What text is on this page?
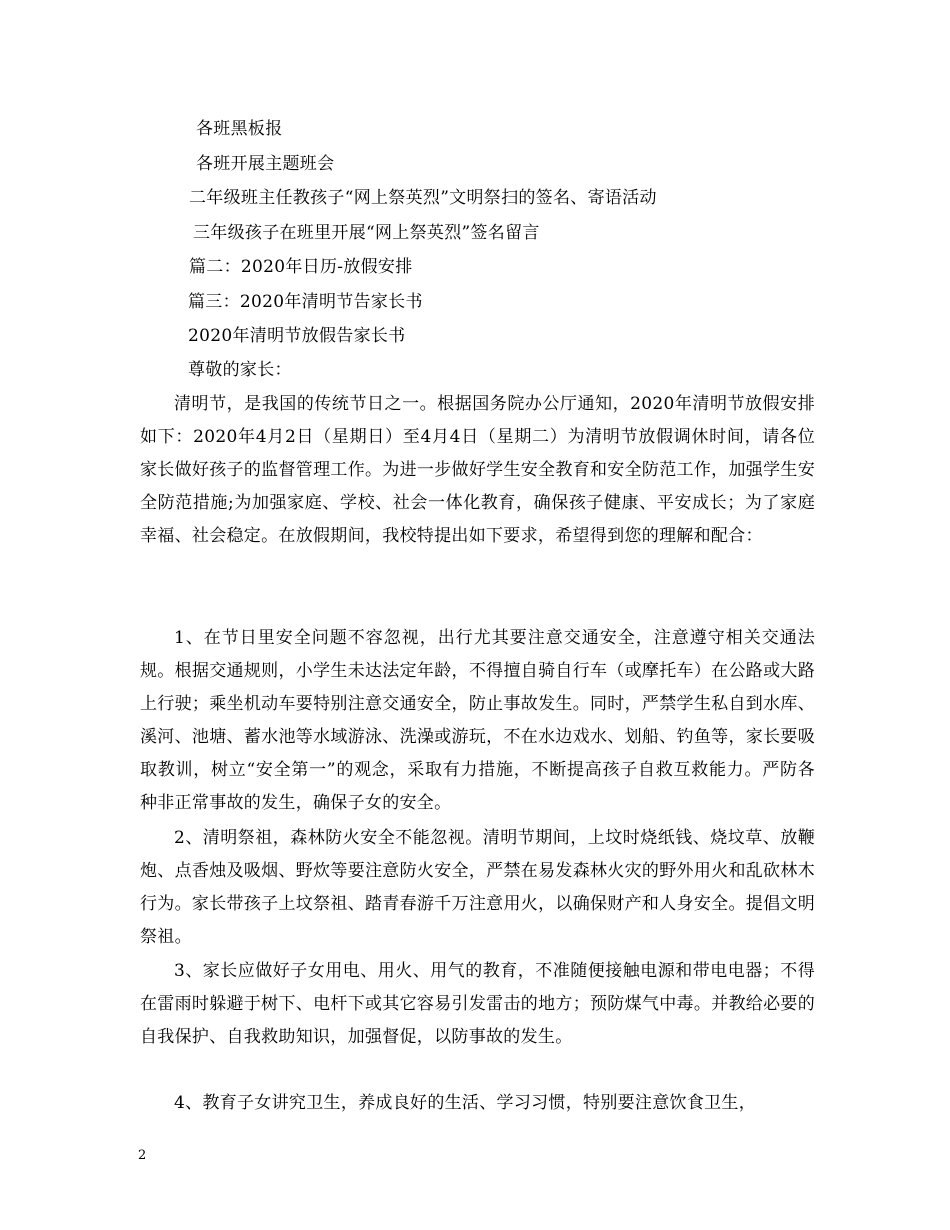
各班黑板报
各班开展主题班会
二年级班主任教孩子“网上祭英烈”文明祭扫的签名、寄语活动
三年级孩子在班里开展“网上祭英烈”签名留言
篇二：2020年日历-放假安排
篇三：2020年清明节告家长书
2020年清明节放假告家长书
尊敬的家长：
清明节，是我国的传统节日之一。根据国务院办公厅通知，2020年清明节放假安排如下：2020年4月2日（星期日）至4月4日（星期二）为清明节放假调休时间，请各位家长做好孩子的监督管理工作。为进一步做好学生安全教育和安全防范工作，加强学生安全防范措施;为加强家庭、学校、社会一体化教育，确保孩子健康、平安成长；为了家庭幸福、社会稳定。在放假期间，我校特提出如下要求，希望得到您的理解和配合：
1、在节日里安全问题不容忽视，出行尤其要注意交通安全，注意遵守相关交通法规。根据交通规则，小学生未达法定年龄，不得擅自骑自行车（或摩托车）在公路或大路上行驶；乘坐机动车要特别注意交通安全，防止事故发生。同时，严禁学生私自到水库、溪河、池塘、蓄水池等水域游泳、洗澡或游玩，不在水边戏水、划船、钓鱼等，家长要吸取教训，树立“安全第一”的观念，采取有力措施，不断提高孩子自救互救能力。严防各种非正常事故的发生，确保子女的安全。
2、清明祭祖，森林防火安全不能忽视。清明节期间，上坟时烧纸钱、烧坟草、放鞭炮、点香烛及吸烟、野炊等要注意防火安全，严禁在易发森林火灾的野外用火和乱砍林木行为。家长带孩子上坟祭祖、踏青春游千万注意用火，以确保财产和人身安全。提倡文明祭祖。
3、家长应做好子女用电、用火、用气的教育，不准随便接触电源和带电电器；不得在雷雨时躲避于树下、电杆下或其它容易引发雷击的地方；预防煤气中毒。并教给必要的自我保护、自我救助知识，加强督促，以防事故的发生。
4、教育子女讲究卫生，养成良好的生活、学习习惯，特别要注意饮食卫生，
2
